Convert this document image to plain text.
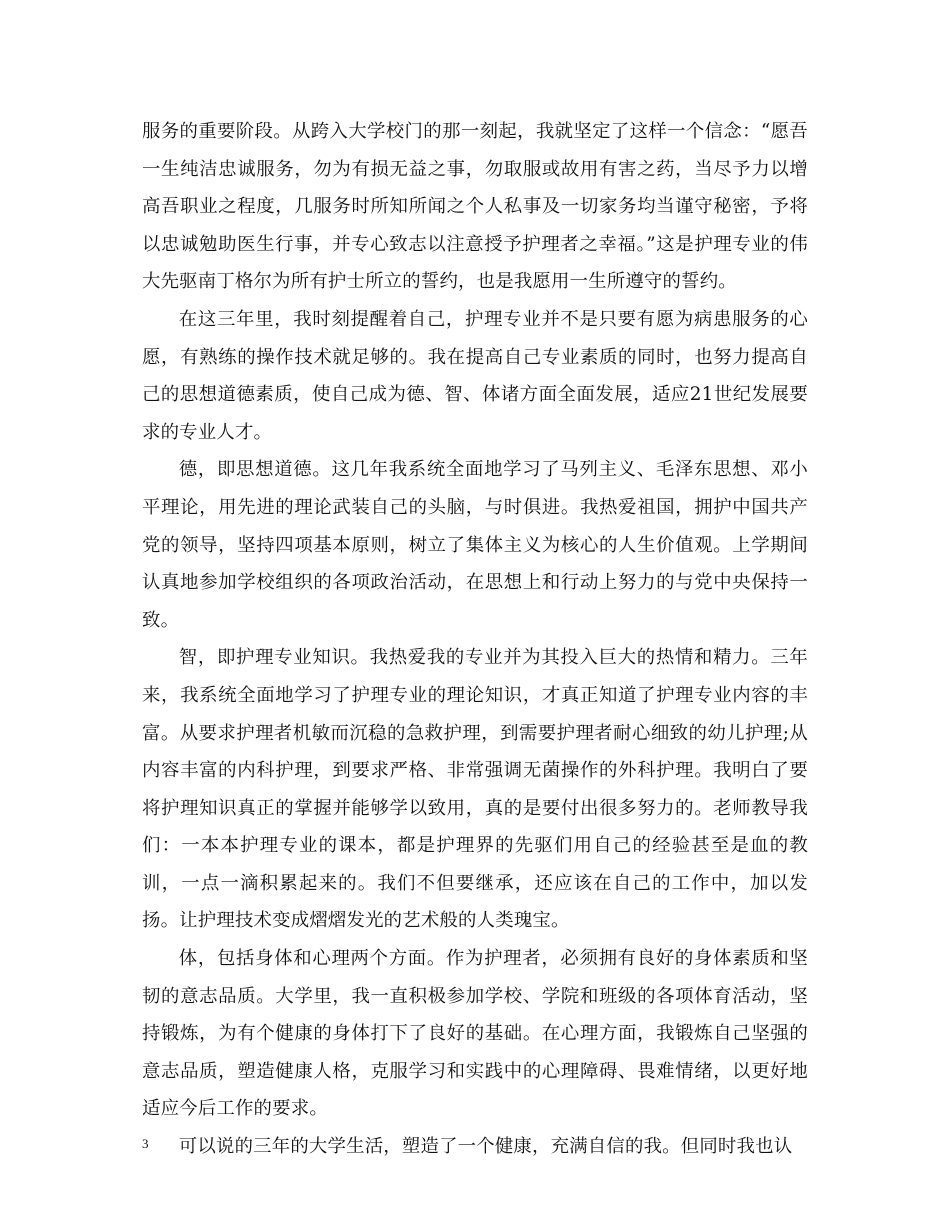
服务的重要阶段。从跨入大学校门的那一刻起，我就坚定了这样一个信念：“愿吾一生纯洁忠诚服务，勿为有损无益之事，勿取服或故用有害之药，当尽予力以增高吾职业之程度，几服务时所知所闻之个人私事及一切家务均当谨守秘密，予将以忠诚勉助医生行事，并专心致志以注意授予护理者之幸福。”这是护理专业的伟大先驱南丁格尔为所有护士所立的誓约，也是我愿用一生所遵守的誓约。

在这三年里，我时刻提醒着自己，护理专业并不是只要有愿为病患服务的心愿，有熟练的操作技术就足够的。我在提高自己专业素质的同时，也努力提高自己的思想道德素质，使自己成为德、智、体诸方面全面发展，适应21世纪发展要求的专业人才。

德，即思想道德。这几年我系统全面地学习了马列主义、毛泽东思想、邓小平理论，用先进的理论武装自己的头脑，与时俱进。我热爱祖国，拥护中国共产党的领导，坚持四项基本原则，树立了集体主义为核心的人生价值观。上学期间认真地参加学校组织的各项政治活动，在思想上和行动上努力的与党中央保持一致。

智，即护理专业知识。我热爱我的专业并为其投入巨大的热情和精力。三年来，我系统全面地学习了护理专业的理论知识，才真正知道了护理专业内容的丰富。从要求护理者机敏而沉稳的急救护理，到需要护理者耐心细致的幼儿护理;从内容丰富的内科护理，到要求严格、非常强调无菌操作的外科护理。我明白了要将护理知识真正的掌握并能够学以致用，真的是要付出很多努力的。老师教导我们：一本本护理专业的课本，都是护理界的先驱们用自己的经验甚至是血的教训，一点一滴积累起来的。我们不但要继承，还应该在自己的工作中，加以发扬。让护理技术变成熠熠发光的艺术般的人类瑰宝。

体，包括身体和心理两个方面。作为护理者，必须拥有良好的身体素质和坚韧的意志品质。大学里，我一直积极参加学校、学院和班级的各项体育活动，坚持锻炼，为有个健康的身体打下了良好的基础。在心理方面，我锻炼自己坚强的意志品质，塑造健康人格，克服学习和实践中的心理障碍、畏难情绪，以更好地适应今后工作的要求。

可以说的三年的大学生活，塑造了一个健康，充满自信的我。但同时我也认

3
